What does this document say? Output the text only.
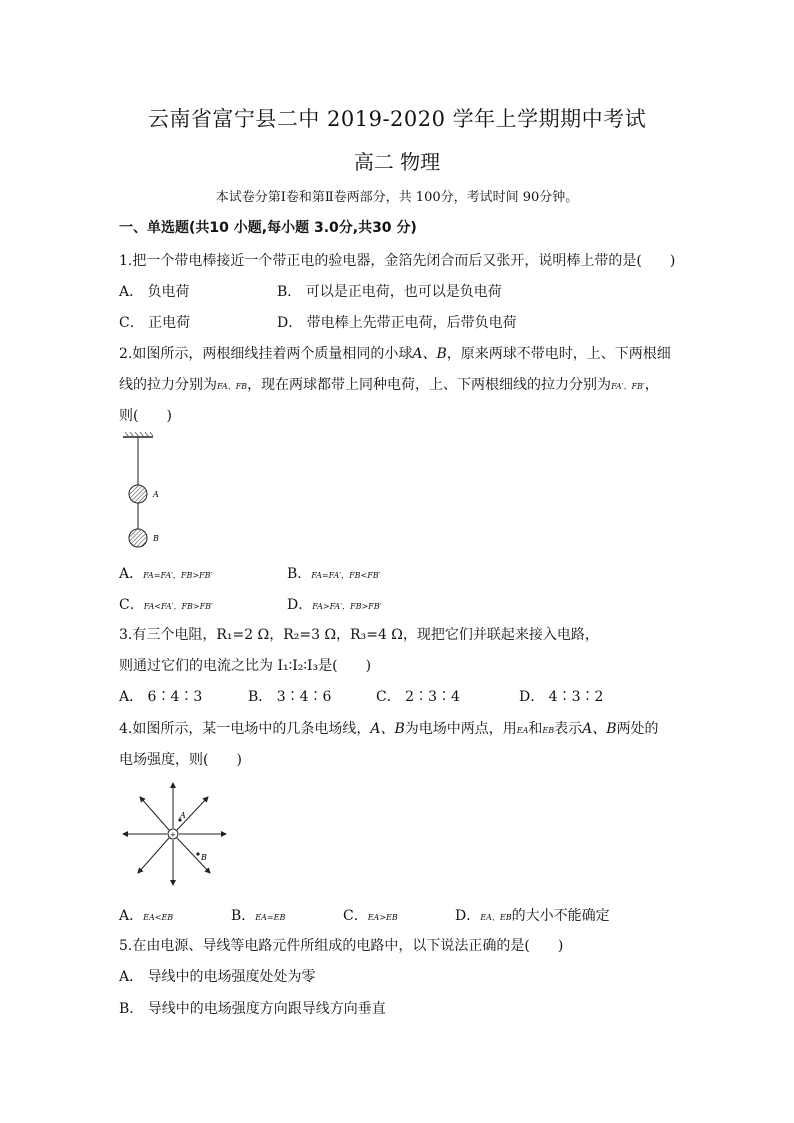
云南省富宁县二中 2019-2020 学年上学期期中考试
高二 物理
本试卷分第Ⅰ卷和第Ⅱ卷两部分，共 100分，考试时间 90分钟。
一、单选题(共10 小题,每小题 3.0分,共30 分)
1.把一个带电棒接近一个带正电的验电器，金箔先闭合而后又张开，说明棒上带的是(　　)
A． 负电荷	B． 可以是正电荷，也可以是负电荷
C． 正电荷	D． 带电棒上先带正电荷，后带负电荷
2.如图所示，两根细线挂着两个质量相同的小球A、B，原来两球不带电时，上、下两根细
线的拉力分别为FA、FB，现在两球都带上同种电荷，上、下两根细线的拉力分别为FA′、FB′，
则(　　)
A
B
A．FA=FA′，FB>FB′	B．FA=FA′，FB<FB′
C．FA<FA′，FB>FB′	D．FA>FA′，FB>FB′
3.有三个电阻，R₁=2 Ω，R₂=3 Ω，R₃=4 Ω，现把它们并联起来接入电路，
则通过它们的电流之比为 I₁∶I₂∶I₃是(　　)
A． 6∶4∶3	B． 3∶4∶6	C． 2∶3∶4	D． 4∶3∶2
4.如图所示，某一电场中的几条电场线，A、B为电场中两点，用EA和EB表示A、B两处的
电场强度，则(　　)
+
A
B
A．EA<EB	B．EA=EB	C．EA>EB	D．EA、EB的大小不能确定
5.在由电源、导线等电路元件所组成的电路中，以下说法正确的是(　　)
A． 导线中的电场强度处处为零
B． 导线中的电场强度方向跟导线方向垂直
